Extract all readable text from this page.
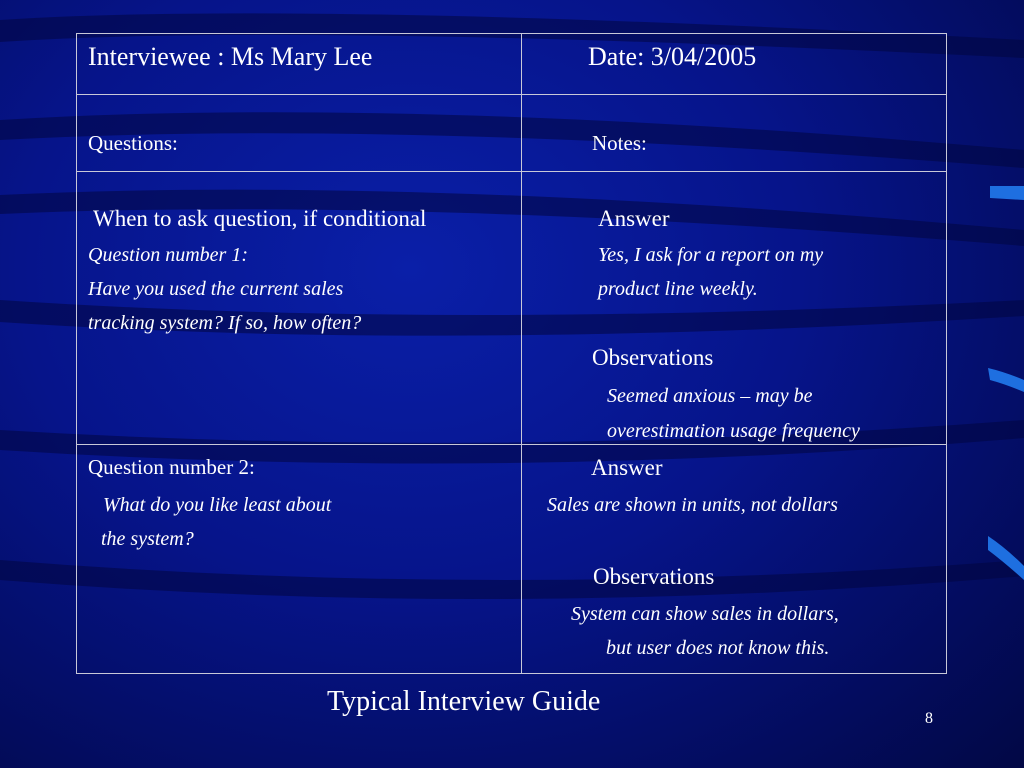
Interviewee : Ms Mary Lee	Date: 3/04/2005
Questions:	Notes:
When to ask question, if conditional
Question number 1:
Have you used the current sales
tracking system? If so, how often?
Answer
Yes, I ask for a report on my
product line weekly.
Observations
Seemed anxious – may be
overestimation usage frequency
Question number 2:
What do you like least about
the system?
Answer
Sales are shown in units, not dollars
Observations
System can show sales in dollars,
but user does not know this.
Typical Interview Guide
8
